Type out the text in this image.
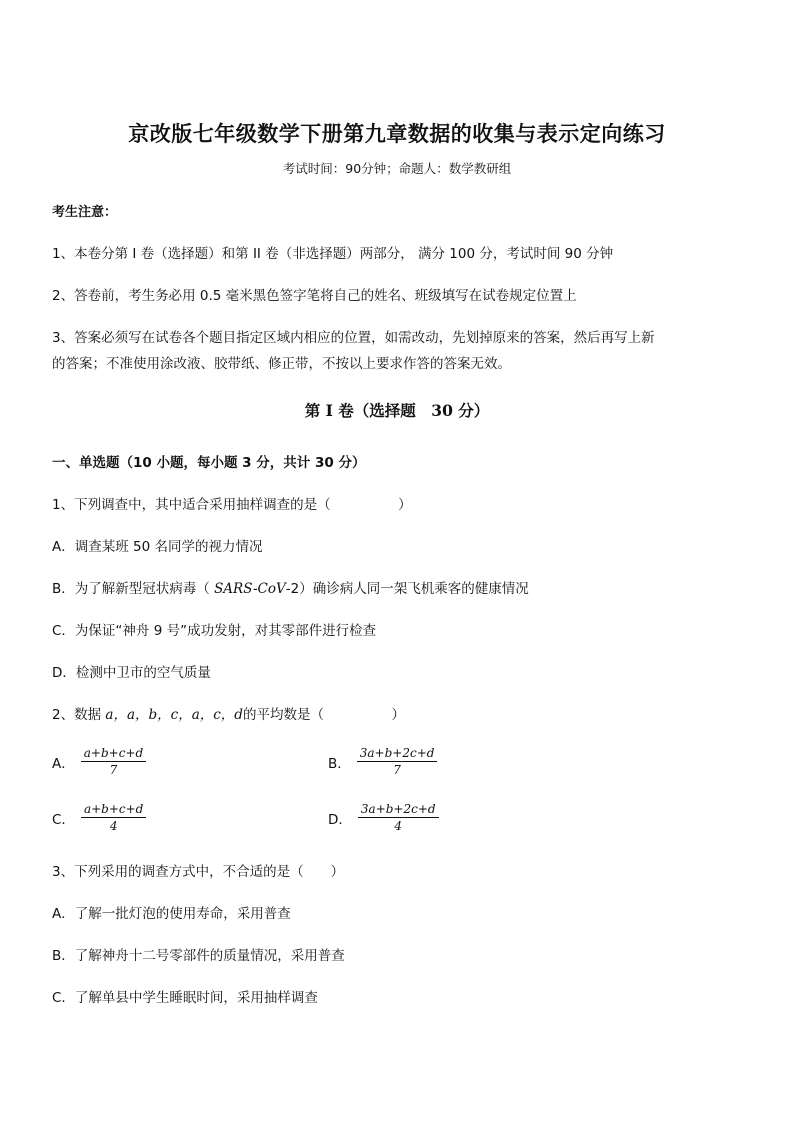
京改版七年级数学下册第九章数据的收集与表示定向练习
考试时间：90分钟；命题人：数学教研组
考生注意：
1、本卷分第 I 卷（选择题）和第 II 卷（非选择题）两部分， 满分 100 分，考试时间 90 分钟
2、答卷前，考生务必用 0.5 毫米黑色签字笔将自己的姓名、班级填写在试卷规定位置上
3、答案必须写在试卷各个题目指定区域内相应的位置，如需改动，先划掉原来的答案，然后再写上新
的答案；不准使用涂改液、胶带纸、修正带，不按以上要求作答的答案无效。
第 I 卷（选择题　30 分）
一、单选题（10 小题，每小题 3 分，共计 30 分）
1、下列调查中，其中适合采用抽样调查的是（　　　　　）
A．调查某班 50 名同学的视力情况
B．为了解新型冠状病毒（ SARS-CoV-2）确诊病人同一架飞机乘客的健康情况
C．为保证“神舟 9 号”成功发射，对其零部件进行检查
D．检测中卫市的空气质量
2、数据 a，a，b，c，a，c，d的平均数是（　　　　　）
A． $\frac{a+b+c+d}{7}$	B． $\frac{3a+b+2c+d}{7}$
C． $\frac{a+b+c+d}{4}$	D． $\frac{3a+b+2c+d}{4}$
3、下列采用的调查方式中，不合适的是（　　）
A．了解一批灯泡的使用寿命，采用普查
B．了解神舟十二号零部件的质量情况，采用普查
C．了解单县中学生睡眠时间，采用抽样调查
